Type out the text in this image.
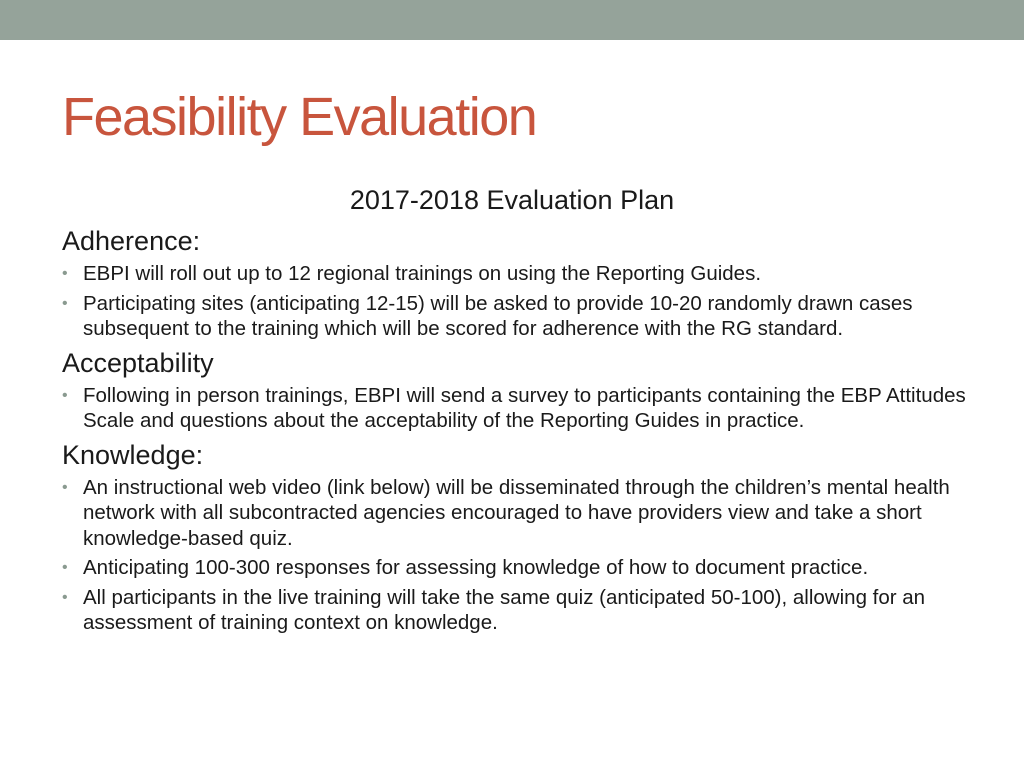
Feasibility Evaluation
2017-2018 Evaluation Plan
Adherence:
• EBPI will roll out up to 12 regional trainings on using the Reporting Guides.
• Participating sites (anticipating 12-15) will be asked to provide 10-20 randomly drawn cases subsequent to the training which will be scored for adherence with the RG standard.
Acceptability
• Following in person trainings, EBPI will send a survey to participants containing the EBP Attitudes Scale and questions about the acceptability of the Reporting Guides in practice.
Knowledge:
• An instructional web video (link below) will be disseminated through the children’s mental health network with all subcontracted agencies encouraged to have providers view and take a short knowledge-based quiz.
• Anticipating 100-300 responses for assessing knowledge of how to document practice.
• All participants in the live training will take the same quiz (anticipated 50-100), allowing for an assessment of training context on knowledge.
